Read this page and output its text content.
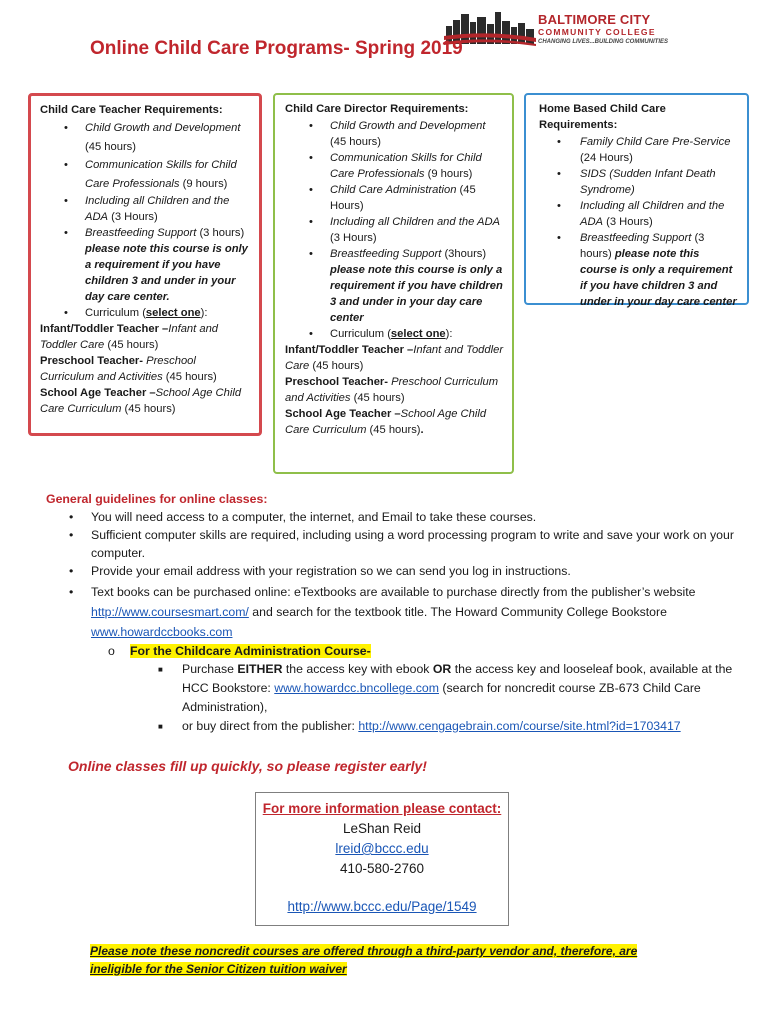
BALTIMORE CITY
COMMUNITY COLLEGE
CHANGING LIVES...BUILDING COMMUNITIES
Online Child Care Programs- Spring 2019
Child Care Teacher Requirements:
• Child Growth and Development (45 hours)
• Communication Skills for Child Care Professionals (9 hours)
• Including all Children and the ADA (3 Hours)
• Breastfeeding Support (3 hours)
please note this course is only a requirement if you have children 3 and under in your day care center.
• Curriculum (select one):
Infant/Toddler Teacher –Infant and Toddler Care (45 hours)
Preschool Teacher- Preschool Curriculum and Activities (45 hours)
School Age Teacher –School Age Child Care Curriculum (45 hours)
Child Care Director Requirements:
• Child Growth and Development (45 hours)
• Communication Skills for Child Care Professionals (9 hours)
• Child Care Administration (45 Hours)
• Including all Children and the ADA (3 Hours)
• Breastfeeding Support (3hours)
please note this course is only a requirement if you have children 3 and under in your day care center
• Curriculum (select one):
Infant/Toddler Teacher –Infant and Toddler Care (45 hours)
Preschool Teacher- Preschool Curriculum and Activities (45 hours)
School Age Teacher –School Age Child Care Curriculum (45 hours).
Home Based Child Care Requirements:
• Family Child Care Pre-Service (24 Hours)
• SIDS (Sudden Infant Death Syndrome)
• Including all Children and the ADA (3 Hours)
• Breastfeeding Support (3 hours) please note this course is only a requirement if you have children 3 and under in your day care center
General guidelines for online classes:
• You will need access to a computer, the internet, and Email to take these courses.
• Sufficient computer skills are required, including using a word processing program to write and save your work on your computer.
• Provide your email address with your registration so we can send you log in instructions.
• Text books can be purchased online: eTextbooks are available to purchase directly from the publisher’s website http://www.coursesmart.com/ and search for the textbook title. The Howard Community College Bookstore www.howardccbooks.com
o For the Childcare Administration Course-
■ Purchase EITHER the access key with ebook OR the access key and looseleaf book, available at the HCC Bookstore: www.howardcc.bncollege.com (search for noncredit course ZB-673 Child Care Administration),
■ or buy direct from the publisher: http://www.cengagebrain.com/course/site.html?id=1703417
Online classes fill up quickly, so please register early!
For more information please contact:
LeShan Reid
lreid@bccc.edu
410-580-2760
http://www.bccc.edu/Page/1549
Please note these noncredit courses are offered through a third-party vendor and, therefore, are ineligible for the Senior Citizen tuition waiver
